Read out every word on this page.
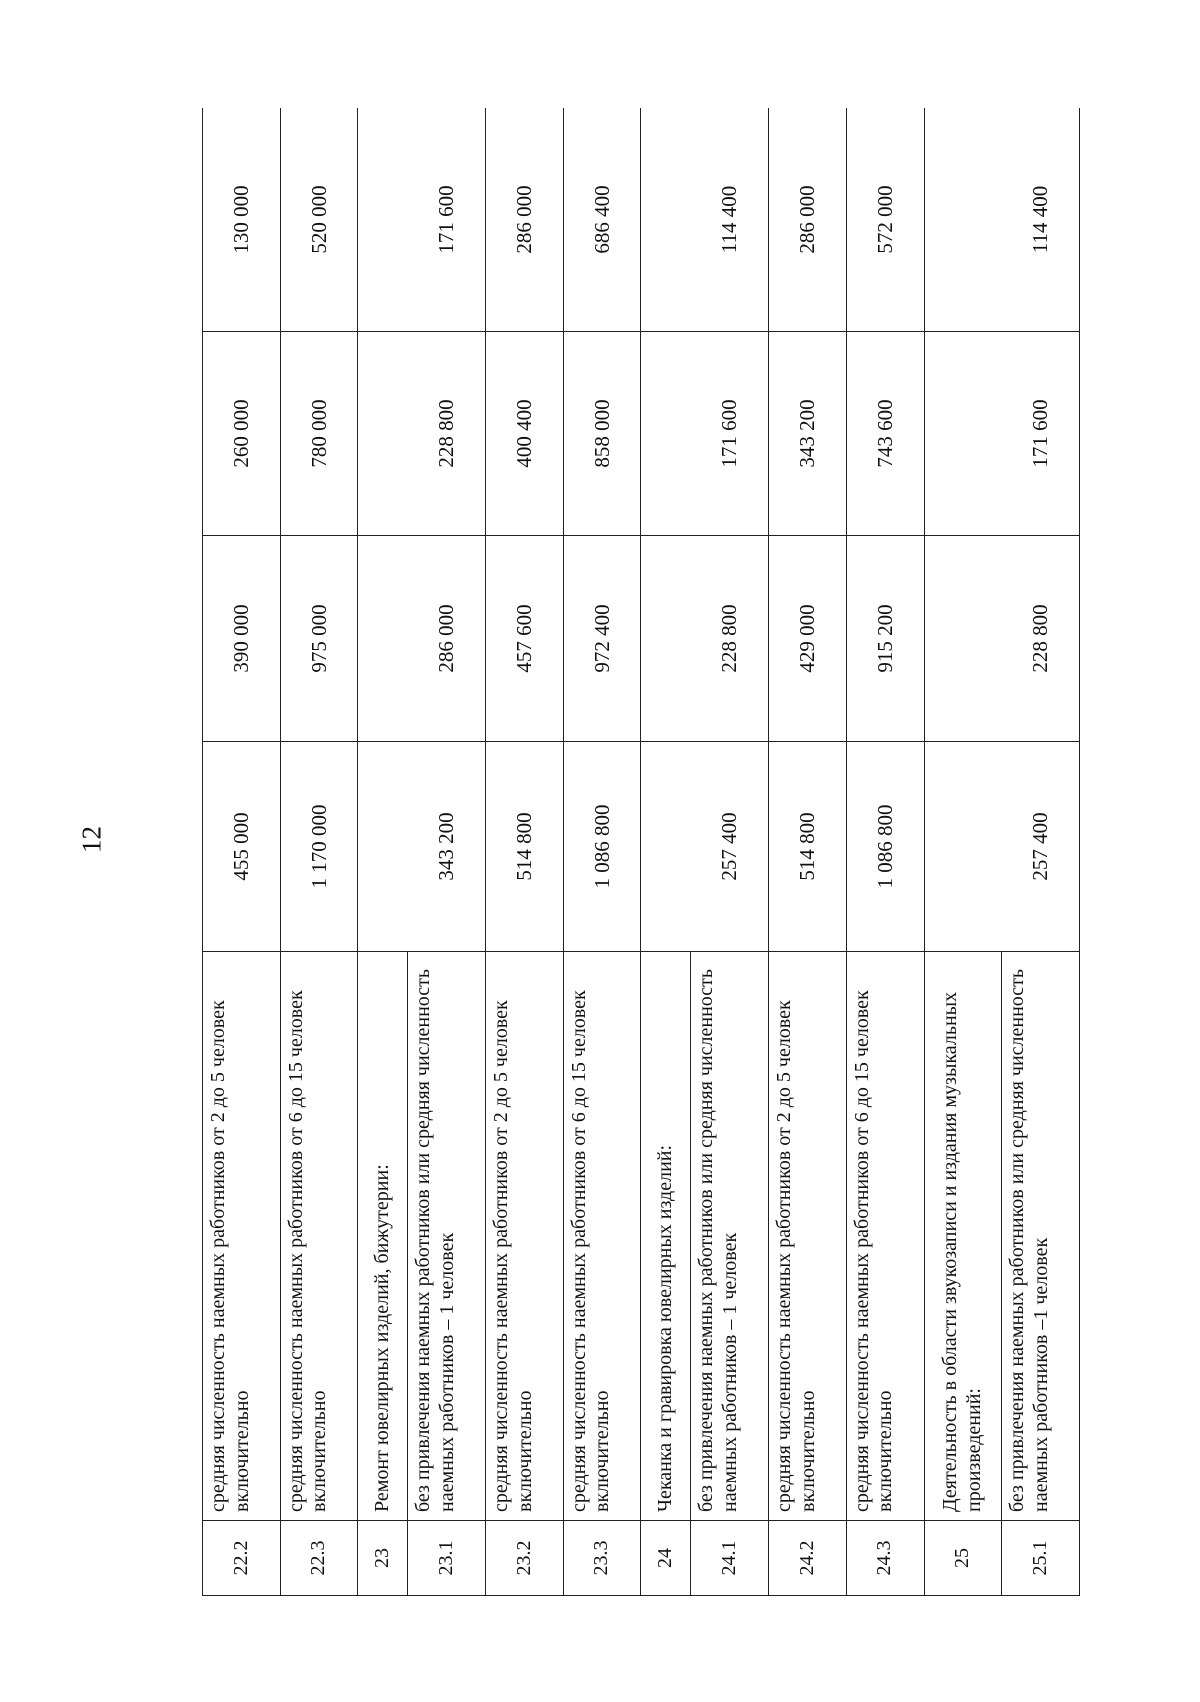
12
22.2	средняя численность наемных работников от 2 до 5 человек включительно	455 000	390 000	260 000	130 000
22.3	средняя численность наемных работников от 6 до 15 человек включительно	1 170 000	975 000	780 000	520 000
23	Ремонт ювелирных изделий, бижутерии:				
23.1	без привлечения наемных работников или средняя численность наемных работников – 1 человек	343 200	286 000	228 800	171 600
23.2	средняя численность наемных работников от 2 до 5 человек включительно	514 800	457 600	400 400	286 000
23.3	средняя численность наемных работников от 6 до 15 человек включительно	1 086 800	972 400	858 000	686 400
24	Чеканка и гравировка ювелирных изделий:				
24.1	без привлечения наемных работников или средняя численность наемных работников – 1 человек	257 400	228 800	171 600	114 400
24.2	средняя численность наемных работников от 2 до 5 человек включительно	514 800	429 000	343 200	286 000
24.3	средняя численность наемных работников от 6 до 15 человек включительно	1 086 800	915 200	743 600	572 000
25	Деятельность в области звукозаписи и издания музыкальных произведений:				
25.1	без привлечения наемных работников или средняя численность наемных работников –1 человек	257 400	228 800	171 600	114 400
